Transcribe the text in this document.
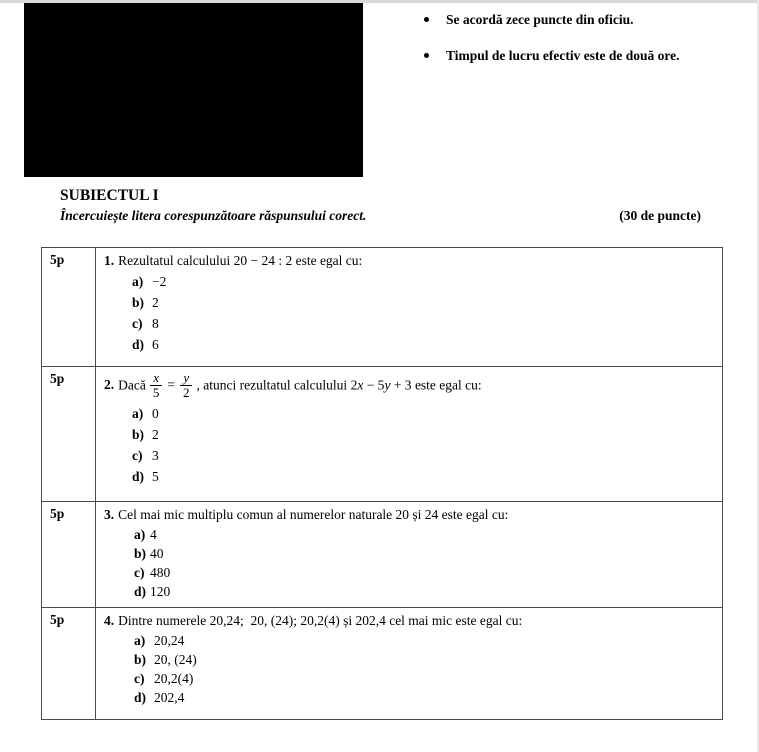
Se acordă zece puncte din oficiu.
Timpul de lucru efectiv este de două ore.
SUBIECTUL I
Încercuiește litera corespunzătoare răspunsului corect.	(30 de puncte)
5p	1. Rezultatul calculului 20 − 24 : 2 este egal cu:
a) −2
b) 2
c) 8
d) 6

5p	2. Dacă $\frac{x}{5} = \frac{y}{2}$ , atunci rezultatul calculului 2x − 5y + 3 este egal cu:
a) 0
b) 2
c) 3
d) 5

5p	3. Cel mai mic multiplu comun al numerelor naturale 20 și 24 este egal cu:
a) 4
b) 40
c) 480
d) 120

5p	4. Dintre numerele 20,24;  20, (24); 20,2(4) și 202,4 cel mai mic este egal cu:
a) 20,24
b) 20, (24)
c) 20,2(4)
d) 202,4
